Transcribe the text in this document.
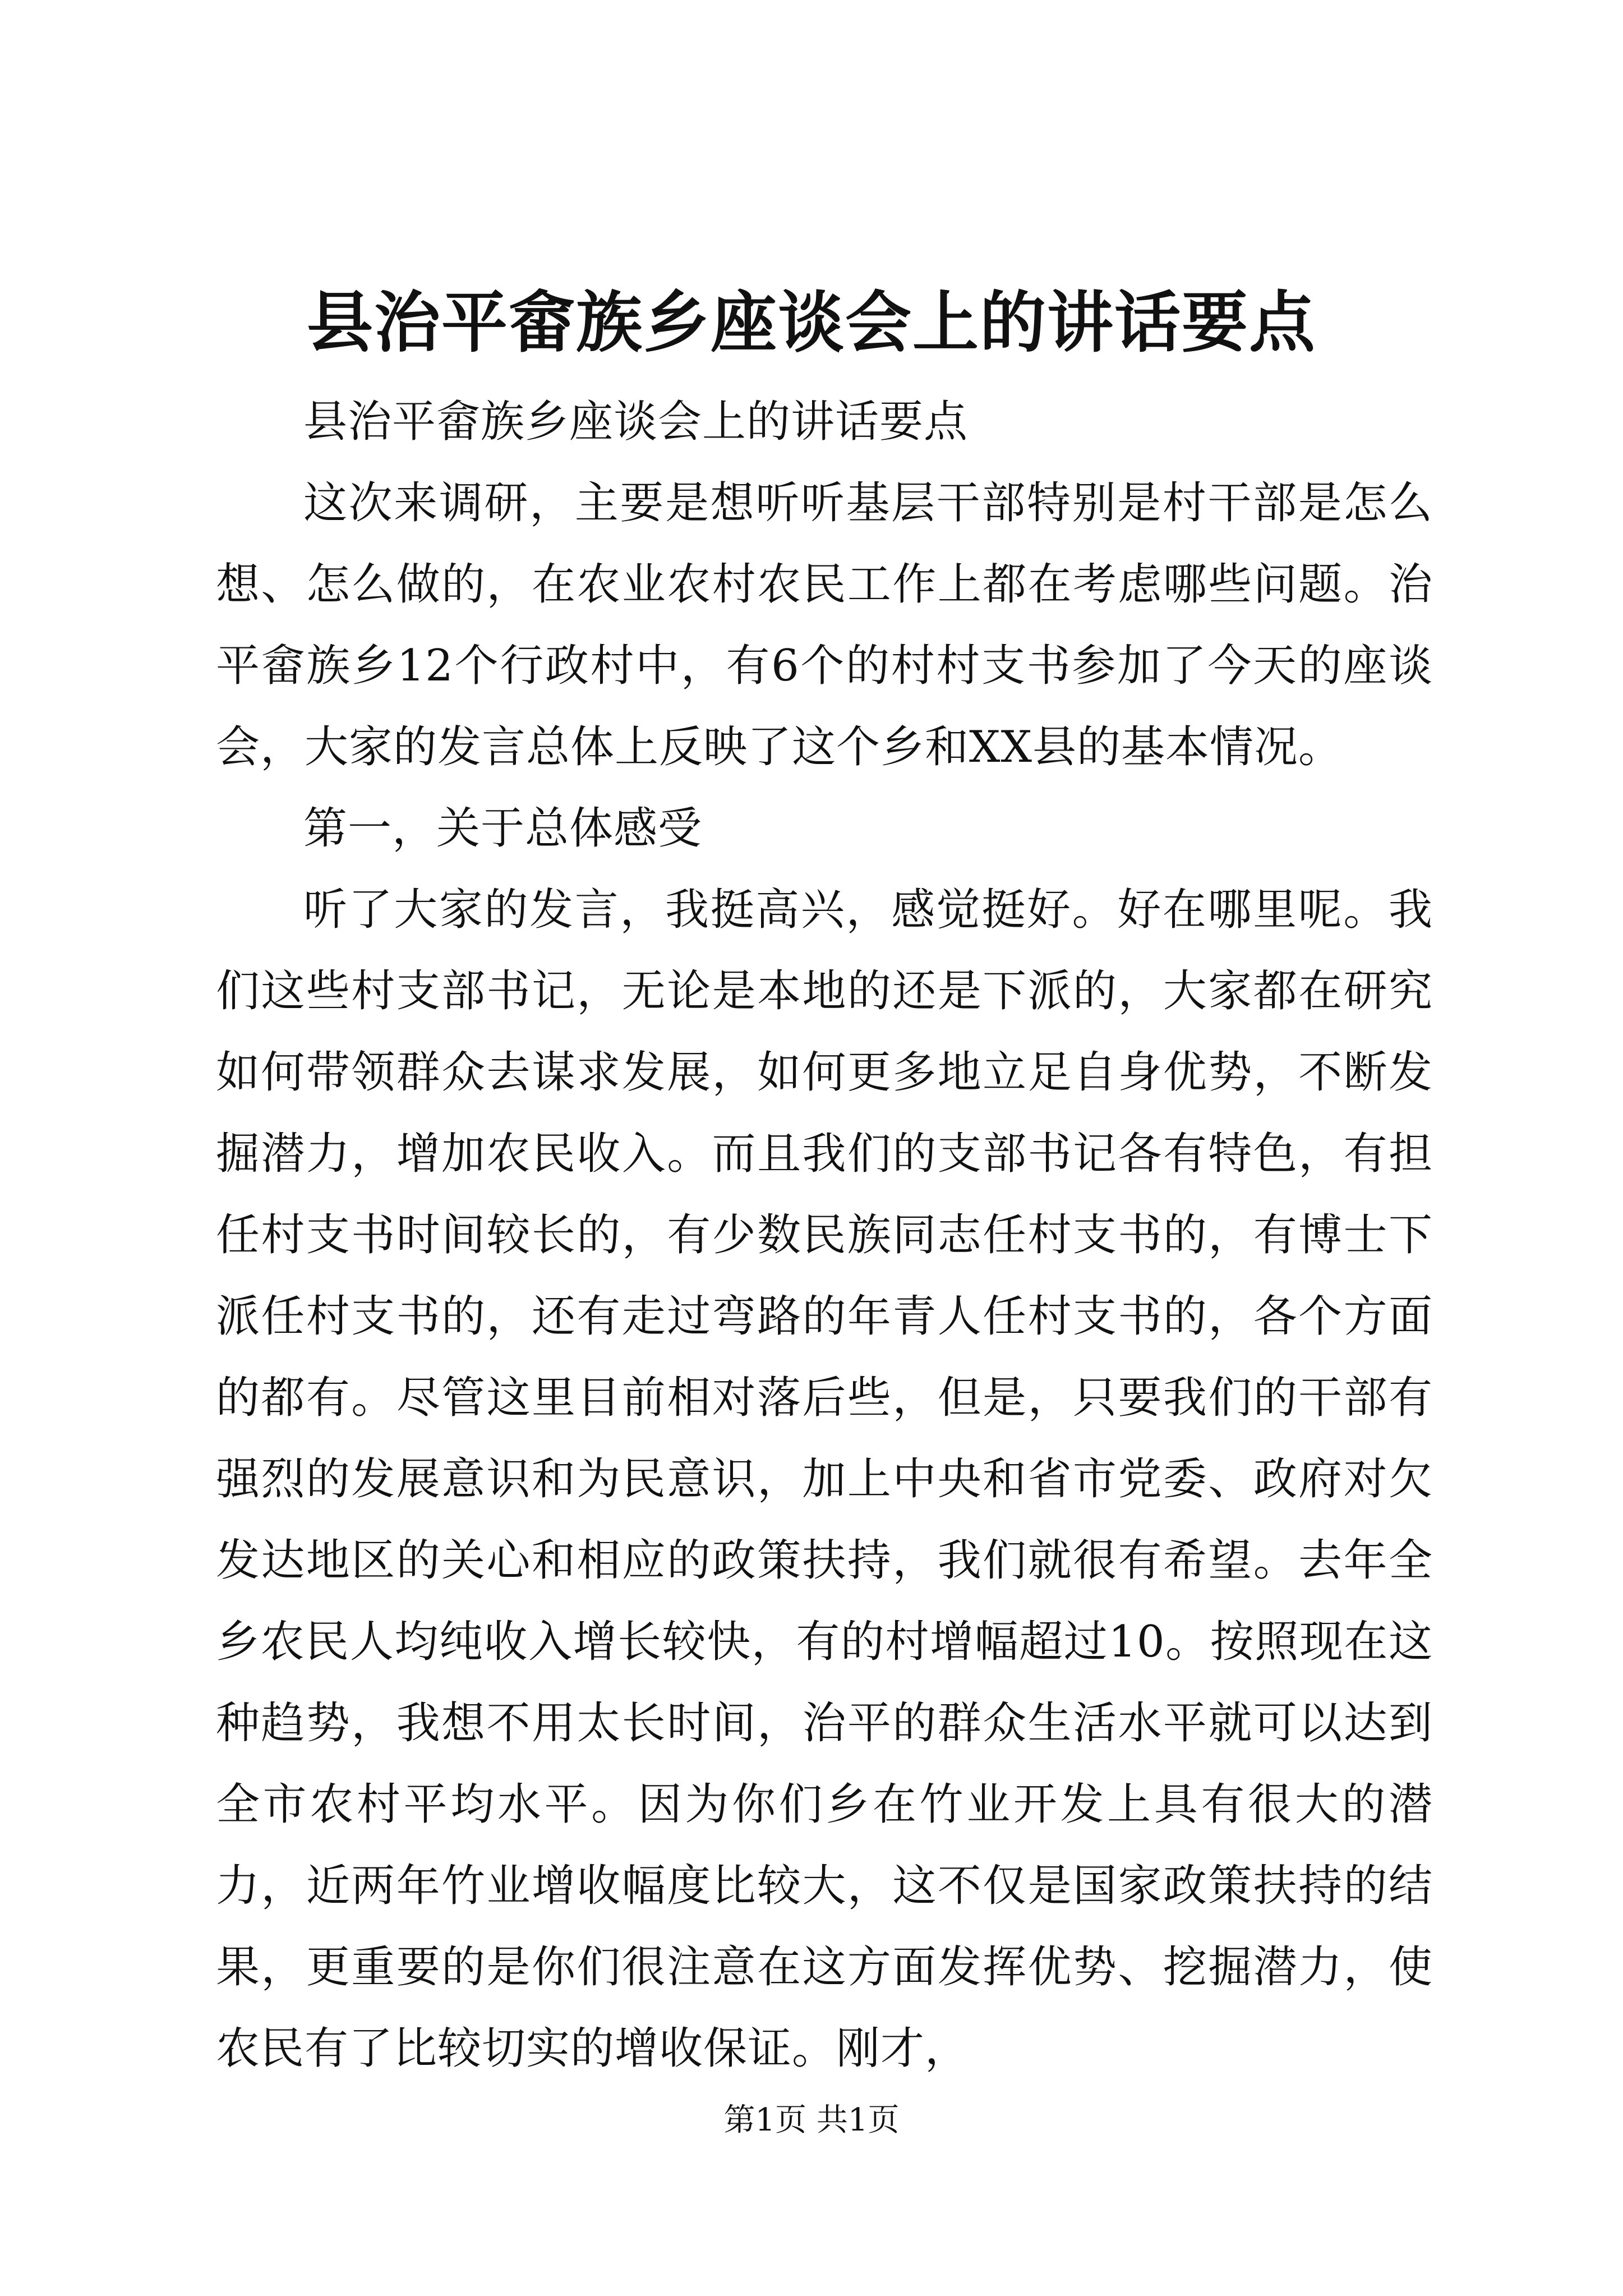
县治平畲族乡座谈会上的讲话要点

县治平畲族乡座谈会上的讲话要点

这次来调研，主要是想听听基层干部特别是村干部是怎么想、怎么做的，在农业农村农民工作上都在考虑哪些问题。治平畲族乡12个行政村中，有6个的村村支书参加了今天的座谈会，大家的发言总体上反映了这个乡和XX县的基本情况。

第一，关于总体感受

听了大家的发言，我挺高兴，感觉挺好。好在哪里呢。我们这些村支部书记，无论是本地的还是下派的，大家都在研究如何带领群众去谋求发展，如何更多地立足自身优势，不断发掘潜力，增加农民收入。而且我们的支部书记各有特色，有担任村支书时间较长的，有少数民族同志任村支书的，有博士下派任村支书的，还有走过弯路的年青人任村支书的，各个方面的都有。尽管这里目前相对落后些，但是，只要我们的干部有强烈的发展意识和为民意识，加上中央和省市党委、政府对欠发达地区的关心和相应的政策扶持，我们就很有希望。去年全乡农民人均纯收入增长较快，有的村增幅超过10。按照现在这种趋势，我想不用太长时间，治平的群众生活水平就可以达到全市农村平均水平。因为你们乡在竹业开发上具有很大的潜力，近两年竹业增收幅度比较大，这不仅是国家政策扶持的结果，更重要的是你们很注意在这方面发挥优势、挖掘潜力，使农民有了比较切实的增收保证。刚才，

第1页 共1页
